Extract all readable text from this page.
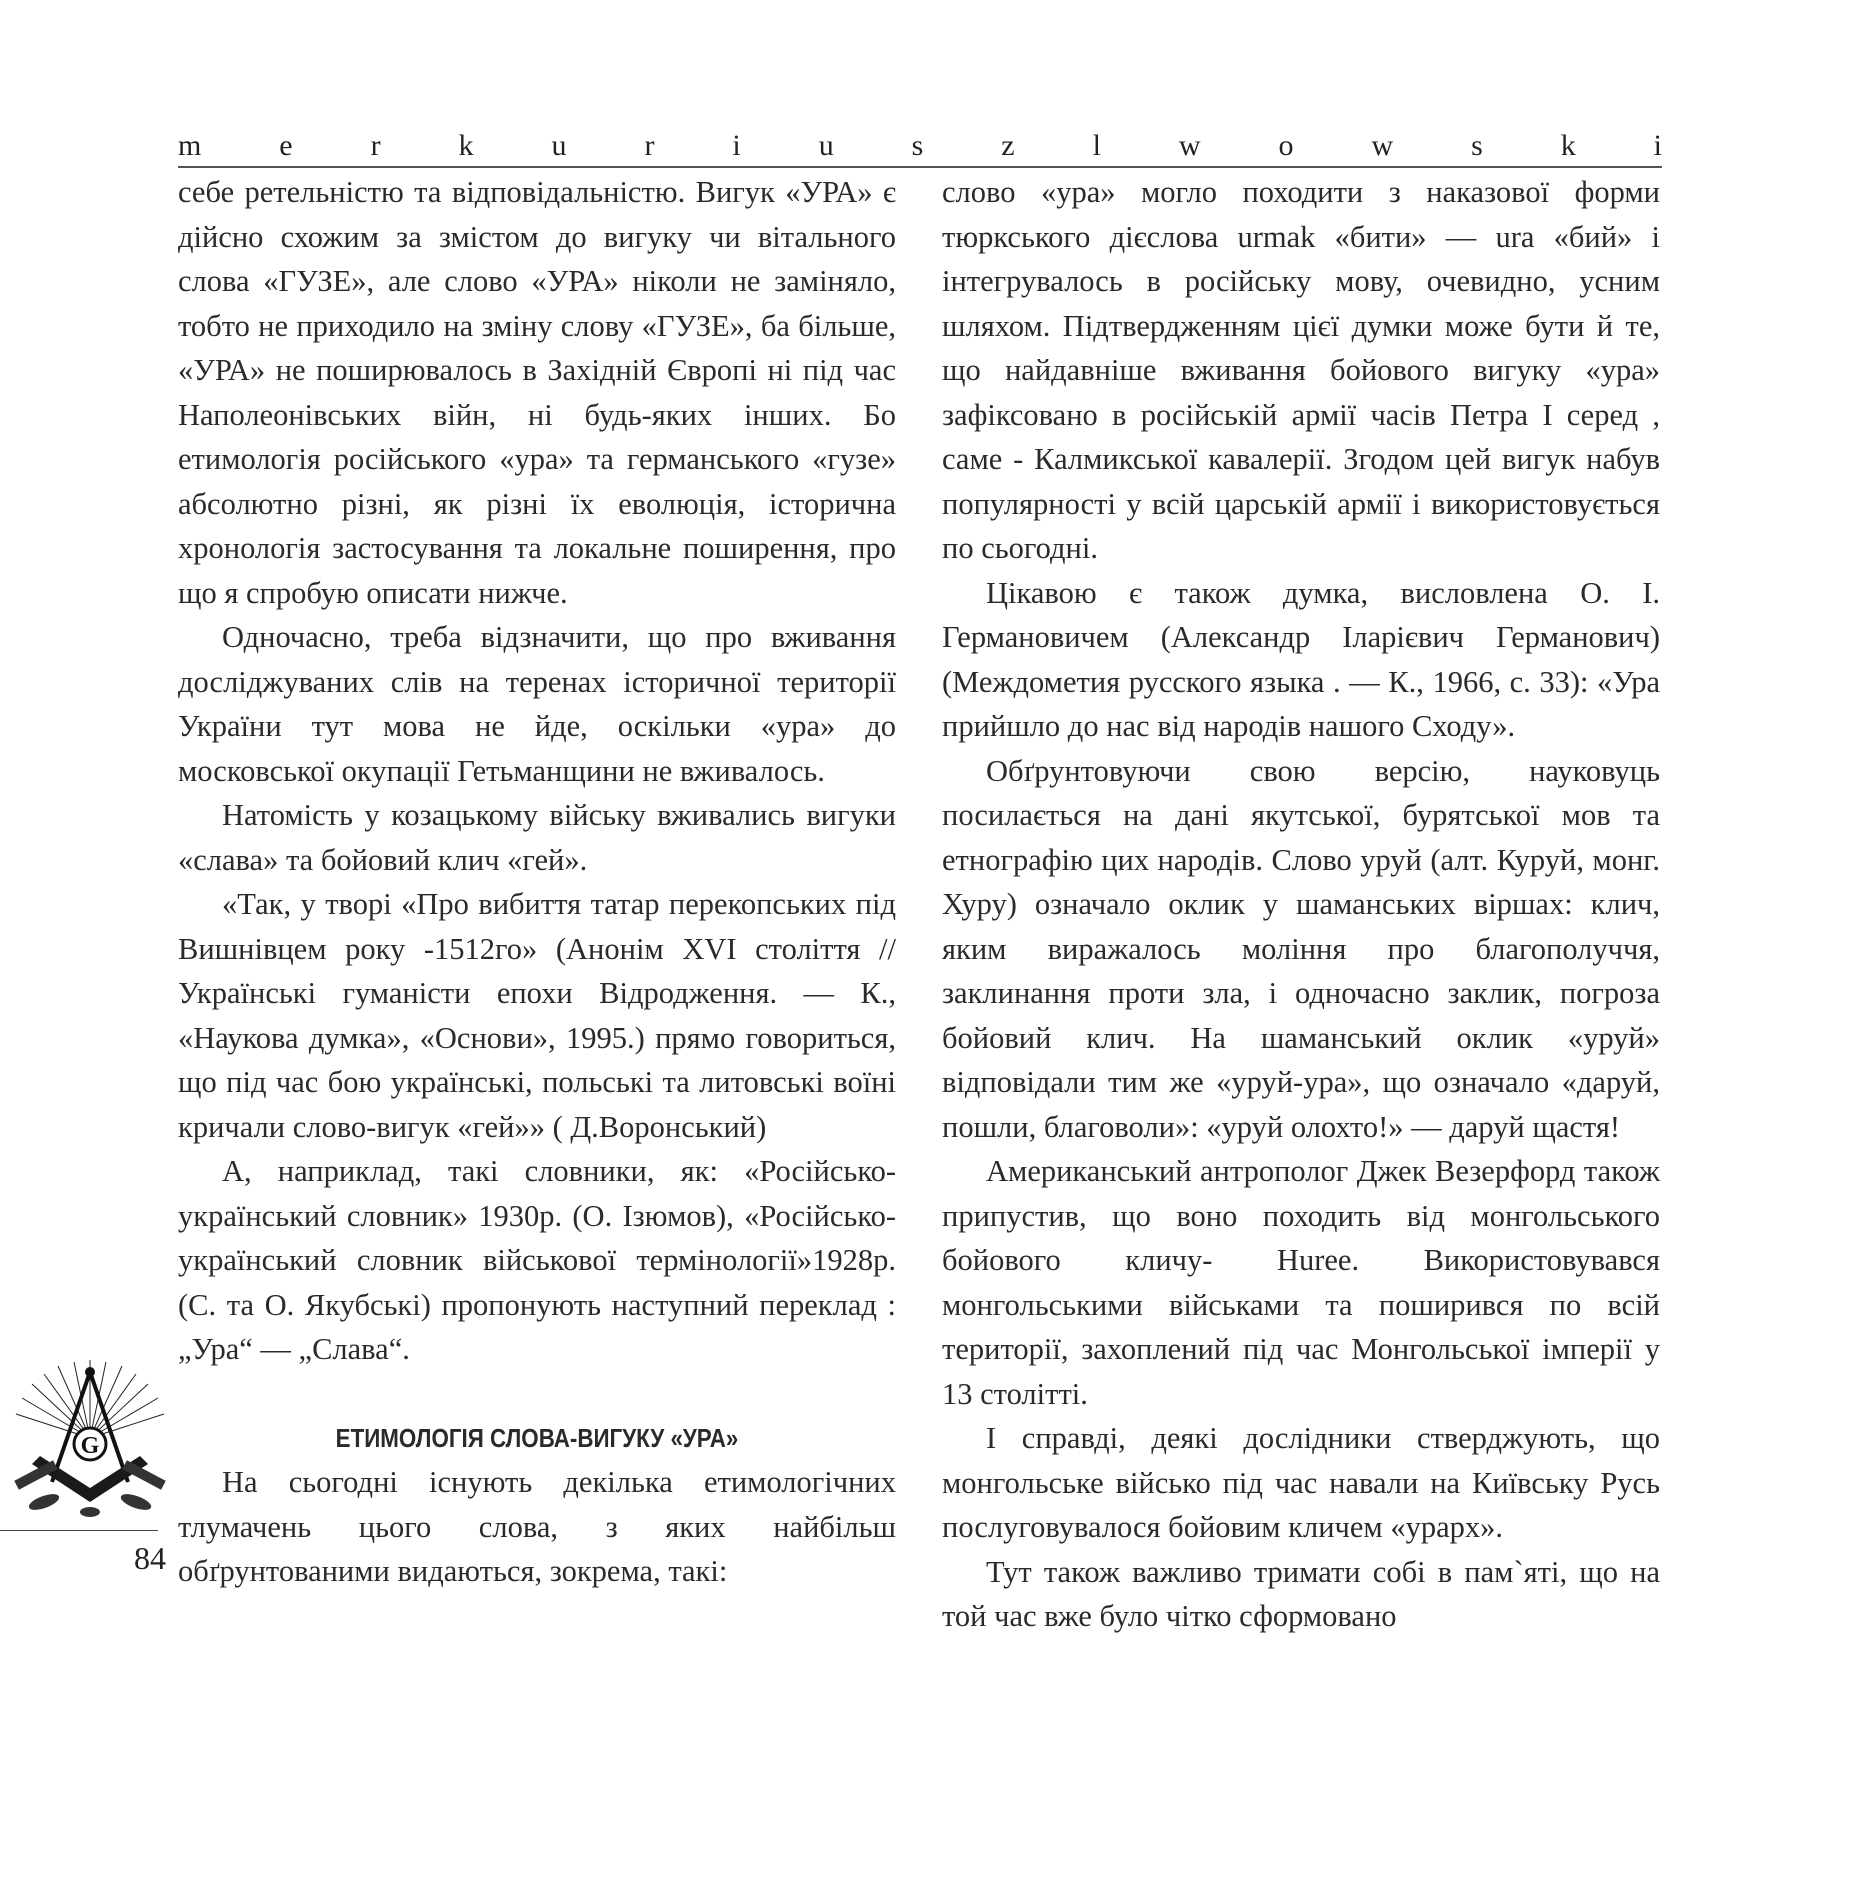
m	e	r	k	u	r	i	u	s	z	l	w	o	w	s	k	i

себе ретельністю та відповідальністю. Вигук «УРА» є дійсно схожим за змістом до вигуку чи вітального слова «ГУЗЕ», але слово «УРА» ніколи не заміняло, тобто не приходило на зміну слову «ГУЗЕ», ба більше, «УРА» не поширювалось в Західній Європі ні під час Наполеонівських війн, ні будь-яких інших. Бо етимологія російського «ура» та германського «гузе» абсолютно різні, як різні їх еволюція, історична хронологія застосування та локальне поширення, про що я спробую описати нижче.

Одночасно, треба відзначити, що про вживання досліджуваних слів на теренах історичної території України тут мова не йде, оскільки «ура» до московської окупації Гетьманщини не вживалось.

Натомість у козацькому війську вживались вигуки «слава» та бойовий клич «гей».

«Так, у творі «Про вибиття татар перекопських під Вишнівцем року -1512го» (Анонім XVI століття // Українські гуманісти епохи Відродження. — К., «Наукова думка», «Основи», 1995.) прямо говориться, що під час бою українські, польські та литовські воїні кричали слово-вигук «гей»» ( Д.Воронський)

А, наприклад, такі словники, як: «Російсько-український словник» 1930р. (О. Ізюмов), «Російсько-український словник військової термінології»1928р. (С. та О. Якубські) пропонують наступний переклад : „Ура“ — „Слава“.

ЕТИМОЛОГІЯ СЛОВА-ВИГУКУ «УРА»

На сьогодні існують декілька етимологічних тлумачень цього слова, з яких найбільш обґрунтованими видаються, зокрема, такі:

слово «ура» могло походити з наказової форми тюркського дієслова urmak «бити» — ura «бий» і інтегрувалось в російську мову, очевидно, усним шляхом. Підтвердженням цієї думки може бути й те, що найдавніше вживання бойового вигуку «ура» зафіксовано в російській армії часів Петра І серед , саме - Калмикської кавалерії. Згодом цей вигук набув популярності у всій царській армії і використовується по сьогодні.

Цікавою є також думка, висловлена О. І. Германовичем (Александр Іларієвич Германович) (Междометия русского языка . — К., 1966, с. 33): «Ура прийшло до нас від народів нашого Сходу».

Обґрунтовуючи свою версію, науковуць посилається на дані якутської, бурятської мов та етнографію цих народів. Слово уруй (алт. Куруй, монг. Хуру) означало оклик у шаманських віршах: клич, яким виражалось моління про благополуччя, заклинання проти зла, і одночасно заклик, погроза бойовий клич. На шаманський оклик «уруй» відповідали тим же «уруй-ура», що означало «даруй, пошли, благоволи»: «уруй олохто!» — даруй щастя!

Американський антрополог Джек Везерфорд також припустив, що воно походить від монгольського бойового кличу- Huree. Використовувався монгольськими військами та поширився по всій території, захоплений під час Монгольської імперії у 13 столітті.

І справді, деякі дослідники стверджують, що монгольське військо під час навали на Київську Русь послуговувалося бойовим кличем «урарх».

Тут також важливо тримати собі в пам`яті, що на той час вже було чітко сформовано

G
84
